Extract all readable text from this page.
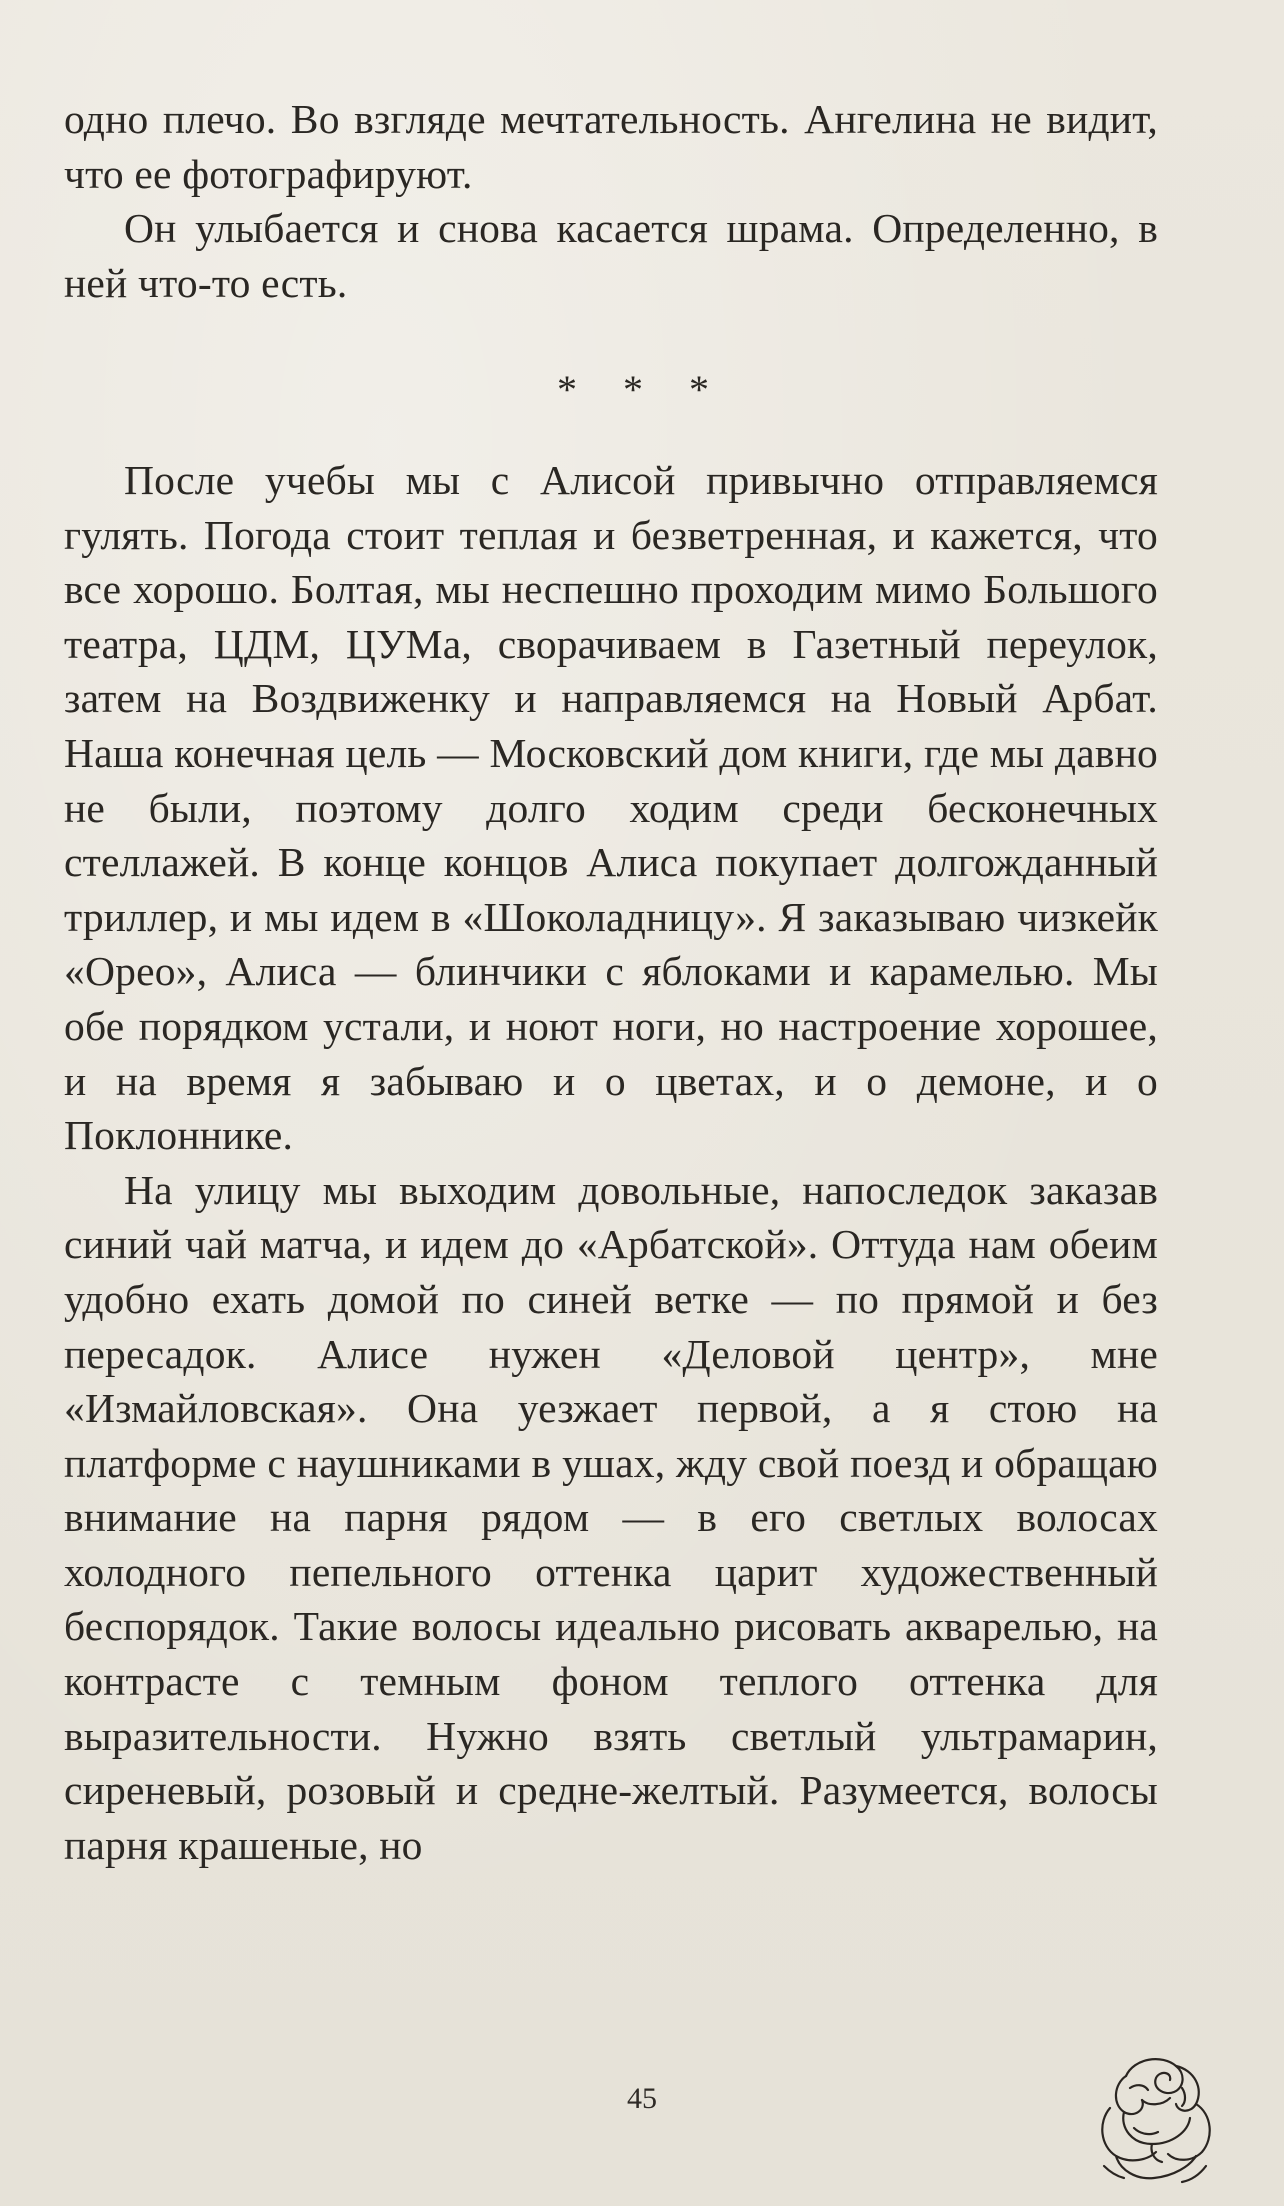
одно плечо. Во взгляде мечтательность. Ангелина не видит, что ее фотографируют.

Он улыбается и снова касается шрама. Определенно, в ней что-то есть.

* * *

После учебы мы с Алисой привычно отправляемся гулять. Погода стоит теплая и безветренная, и кажется, что все хорошо. Болтая, мы неспешно проходим мимо Большого театра, ЦДМ, ЦУМа, сворачиваем в Газетный переулок, затем на Воздвиженку и направляемся на Новый Арбат. Наша конечная цель — Московский дом книги, где мы давно не были, поэтому долго ходим среди бесконечных стеллажей. В конце концов Алиса покупает долгожданный триллер, и мы идем в «Шоколадницу». Я заказываю чизкейк «Орео», Алиса — блинчики с яблоками и карамелью. Мы обе порядком устали, и ноют ноги, но настроение хорошее, и на время я забываю и о цветах, и о демоне, и о Поклоннике.

На улицу мы выходим довольные, напоследок заказав синий чай матча, и идем до «Арбатской». Оттуда нам обеим удобно ехать домой по синей ветке — по прямой и без пересадок. Алисе нужен «Деловой центр», мне «Измайловская». Она уезжает первой, а я стою на платформе с наушниками в ушах, жду свой поезд и обращаю внимание на парня рядом — в его светлых волосах холодного пепельного оттенка царит художественный беспорядок. Такие волосы идеально рисовать акварелью, на контрасте с темным фоном теплого оттенка для выразительности. Нужно взять светлый ультрамарин, сиреневый, розовый и средне-желтый. Разумеется, волосы парня крашеные, но

45
